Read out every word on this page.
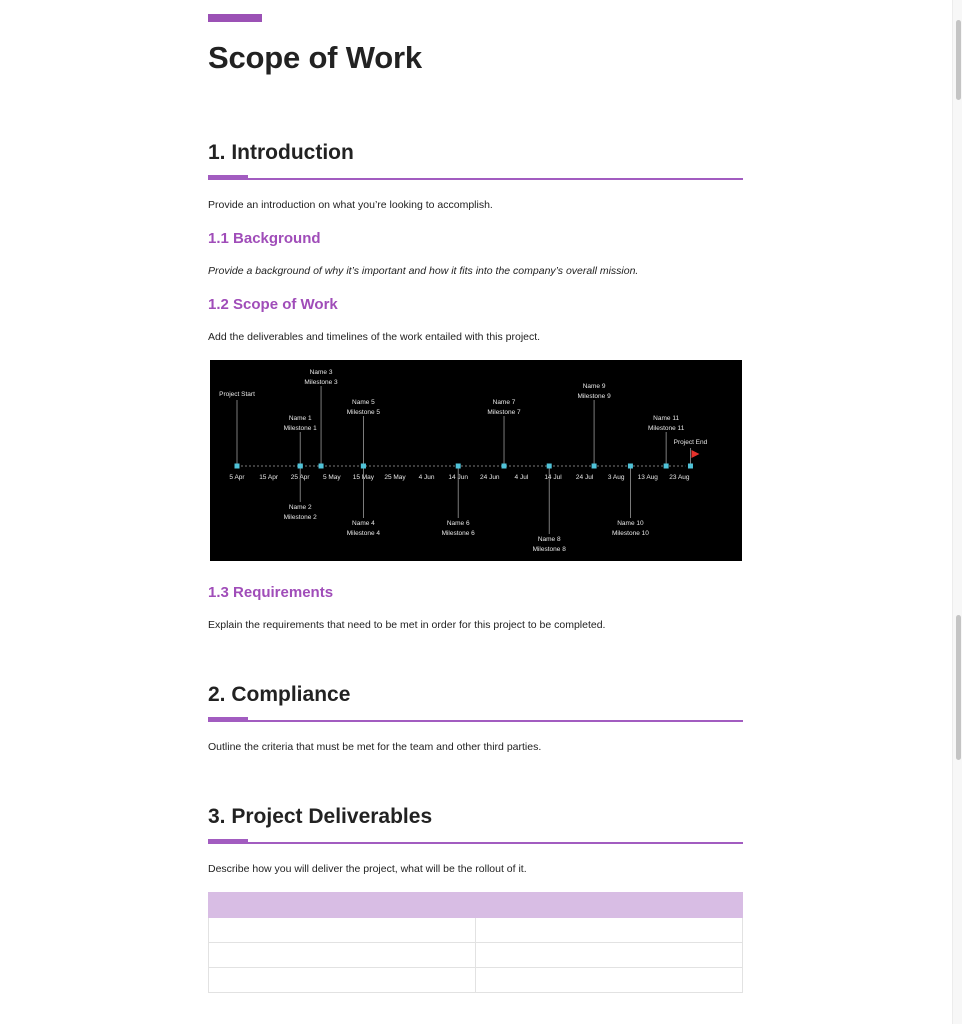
Scope of Work
1. Introduction

Provide an introduction on what you’re looking to accomplish.

1.1 Background

Provide a background of why it’s important and how it fits into the company’s overall mission.

1.2 Scope of Work

Add the deliverables and timelines of the work entailed with this project.

5 Apr 15 Apr 25 Apr 5 May 15 May 25 May 4 Jun 14 Jun 24 Jun 4 Jul 14 Jul 24 Jul 3 Aug 13 Aug 23 Aug
Project Start
Name 1
Milestone 1
Name 2
Milestone 2
Name 3
Milestone 3
Name 4
Milestone 4
Name 5
Milestone 5
Name 6
Milestone 6
Name 7
Milestone 7
Name 8
Milestone 8
Name 9
Milestone 9
Name 10
Milestone 10
Name 11
Milestone 11
Project End
1.3 Requirements

Explain the requirements that need to be met in order for this project to be completed.

2. Compliance

Outline the criteria that must be met for the team and other third parties.

3. Project Deliverables

Describe how you will deliver the project, what will be the rollout of it.
